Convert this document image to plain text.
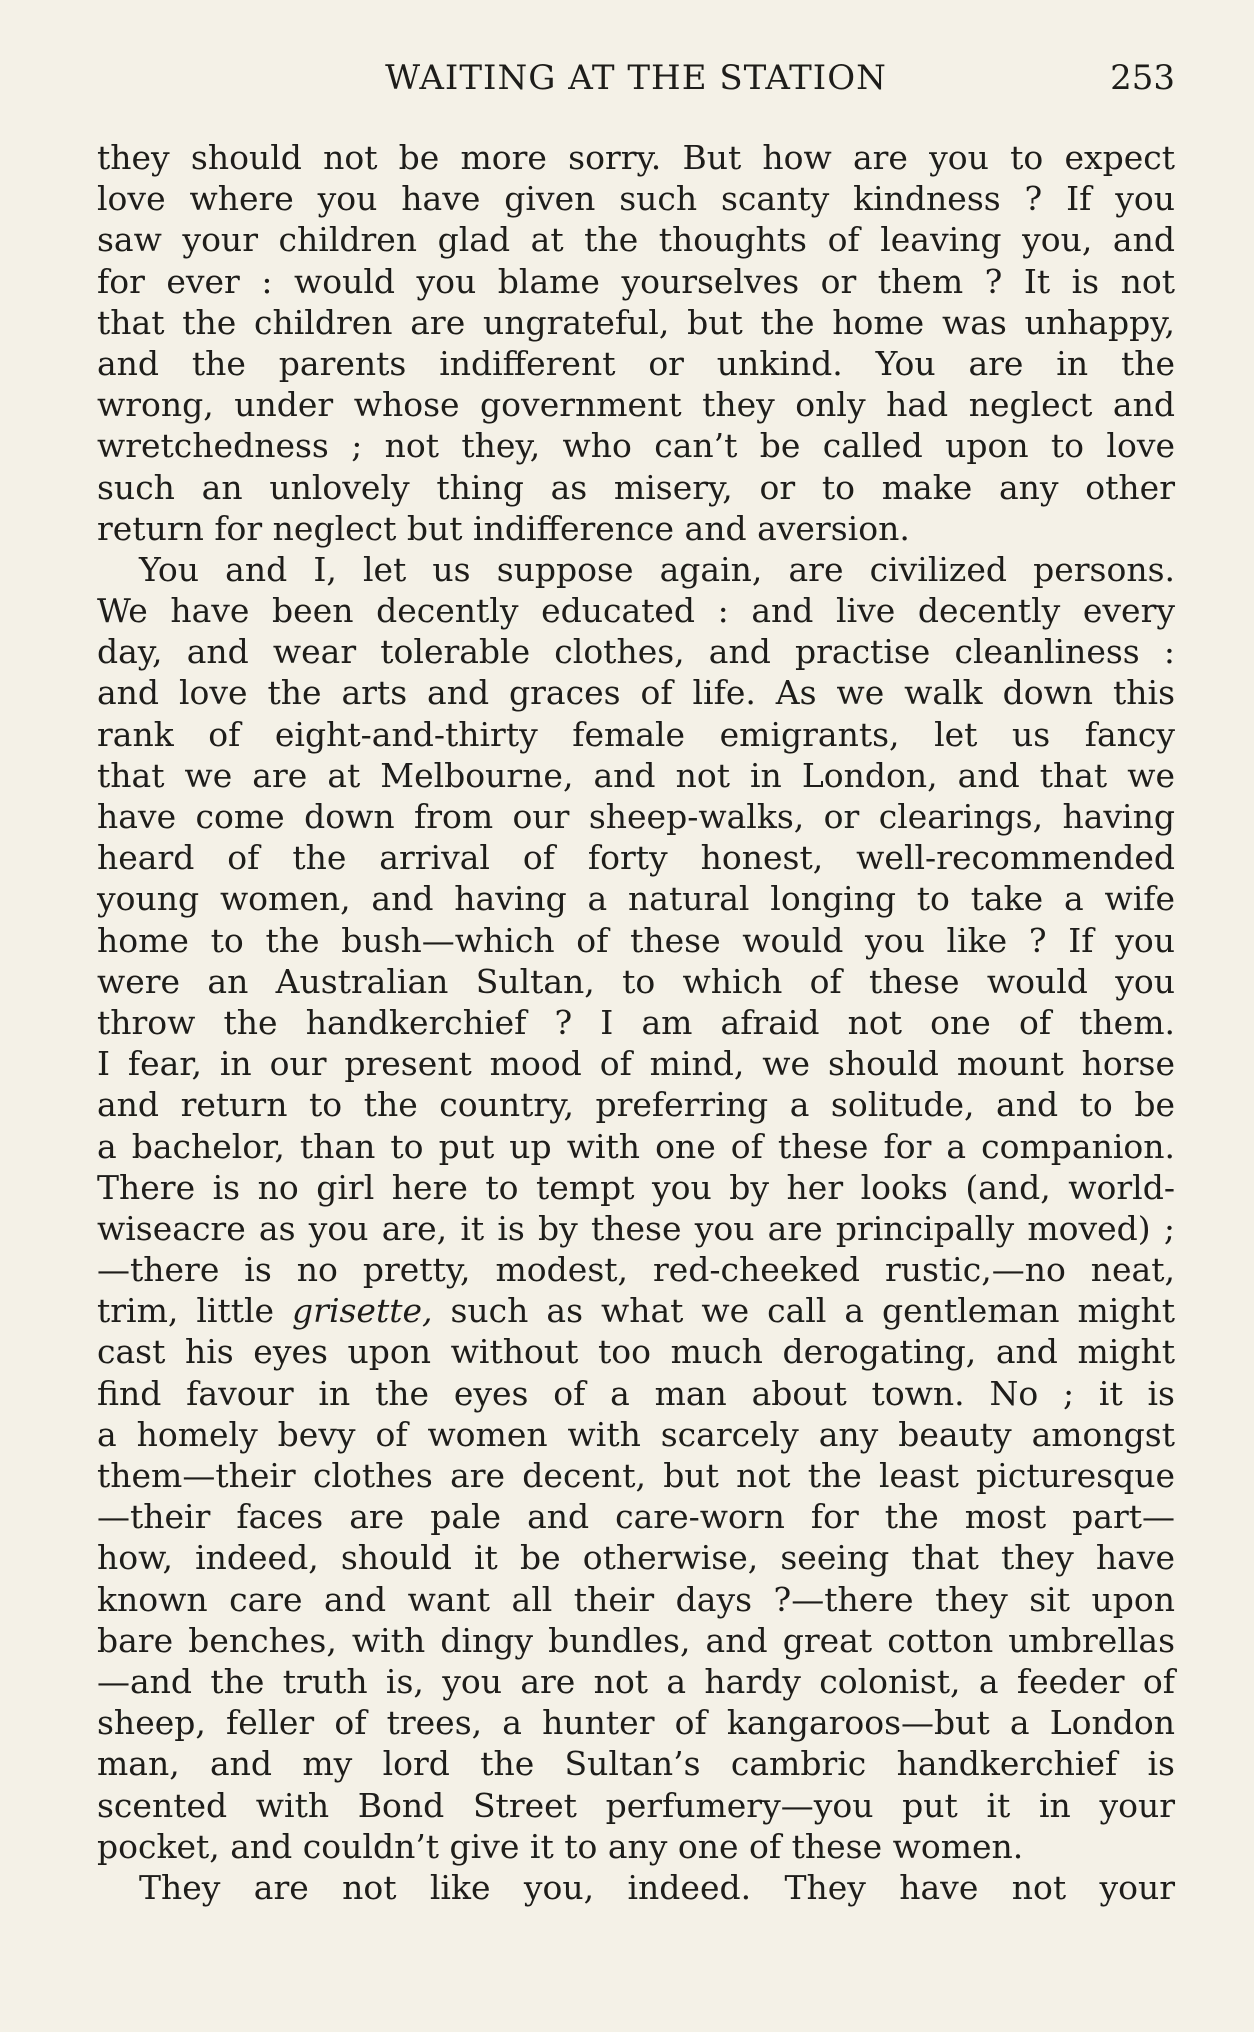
WAITING AT THE STATION	253
they should not be more sorry. But how are you to expect
love where you have given such scanty kindness ? If you
saw your children glad at the thoughts of leaving you, and
for ever : would you blame yourselves or them ? It is not
that the children are ungrateful, but the home was unhappy,
and the parents indifferent or unkind. You are in the
wrong, under whose government they only had neglect and
wretchedness ; not they, who can’t be called upon to love
such an unlovely thing as misery, or to make any other
return for neglect but indifference and aversion.
You and I, let us suppose again, are civilized persons.
We have been decently educated : and live decently every
day, and wear tolerable clothes, and practise cleanliness :
and love the arts and graces of life. As we walk down this
rank of eight-and-thirty female emigrants, let us fancy
that we are at Melbourne, and not in London, and that we
have come down from our sheep-walks, or clearings, having
heard of the arrival of forty honest, well-recommended
young women, and having a natural longing to take a wife
home to the bush—which of these would you like ? If you
were an Australian Sultan, to which of these would you
throw the handkerchief ? I am afraid not one of them.
I fear, in our present mood of mind, we should mount horse
and return to the country, preferring a solitude, and to be
a bachelor, than to put up with one of these for a companion.
There is no girl here to tempt you by her looks (and, world-
wiseacre as you are, it is by these you are principally moved) ;
—there is no pretty, modest, red-cheeked rustic,—no neat,
trim, little grisette, such as what we call a gentleman might
cast his eyes upon without too much derogating, and might
find favour in the eyes of a man about town. No ; it is
a homely bevy of women with scarcely any beauty amongst
them—their clothes are decent, but not the least picturesque
—their faces are pale and care-worn for the most part—
how, indeed, should it be otherwise, seeing that they have
known care and want all their days ?—there they sit upon
bare benches, with dingy bundles, and great cotton umbrellas
—and the truth is, you are not a hardy colonist, a feeder of
sheep, feller of trees, a hunter of kangaroos—but a London
man, and my lord the Sultan’s cambric handkerchief is
scented with Bond Street perfumery—you put it in your
pocket, and couldn’t give it to any one of these women.
They are not like you, indeed. They have not your
